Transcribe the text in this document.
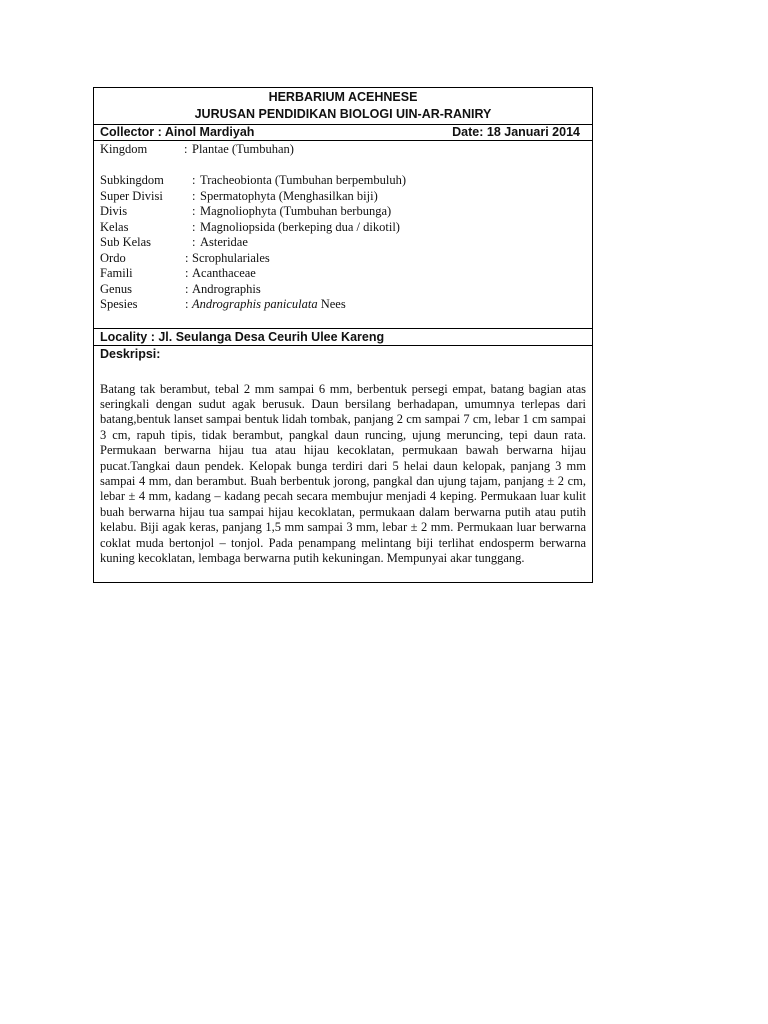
HERBARIUM ACEHNESE
JURUSAN PENDIDIKAN BIOLOGI UIN-AR-RANIRY
Collector : Ainol Mardiyah	Date: 18 Januari 2014
Kingdom	: Plantae (Tumbuhan)
Subkingdom : Tracheobionta (Tumbuhan berpembuluh)
Super Divisi : Spermatophyta (Menghasilkan biji)
Divis	: Magnoliophyta (Tumbuhan berbunga)
Kelas	: Magnoliopsida (berkeping dua / dikotil)
Sub Kelas	: Asteridae
Ordo	: Scrophulariales
Famili	: Acanthaceae
Genus	: Andrographis
Spesies	: Andrographis paniculata Nees
Locality : Jl. Seulanga Desa Ceurih Ulee Kareng
Deskripsi:
Batang tak berambut, tebal 2 mm sampai 6 mm, berbentuk persegi empat, batang bagian atas seringkali dengan sudut agak berusuk. Daun bersilang berhadapan, umumnya terlepas dari batang,bentuk lanset sampai bentuk lidah tombak, panjang 2 cm sampai 7 cm, lebar 1 cm sampai 3 cm, rapuh tipis, tidak berambut, pangkal daun runcing, ujung meruncing, tepi daun rata. Permukaan berwarna hijau tua atau hijau kecoklatan, permukaan bawah berwarna hijau pucat.Tangkai daun pendek. Kelopak bunga terdiri dari 5 helai daun kelopak, panjang 3 mm sampai 4 mm, dan berambut. Buah berbentuk jorong, pangkal dan ujung tajam, panjang ± 2 cm, lebar ± 4 mm, kadang – kadang pecah secara membujur menjadi 4 keping. Permukaan luar kulit buah berwarna hijau tua sampai hijau kecoklatan, permukaan dalam berwarna putih atau putih kelabu. Biji agak keras, panjang 1,5 mm sampai 3 mm, lebar ± 2 mm. Permukaan luar berwarna coklat muda bertonjol – tonjol. Pada penampang melintang biji terlihat endosperm berwarna kuning kecoklatan, lembaga berwarna putih kekuningan. Mempunyai akar tunggang.
